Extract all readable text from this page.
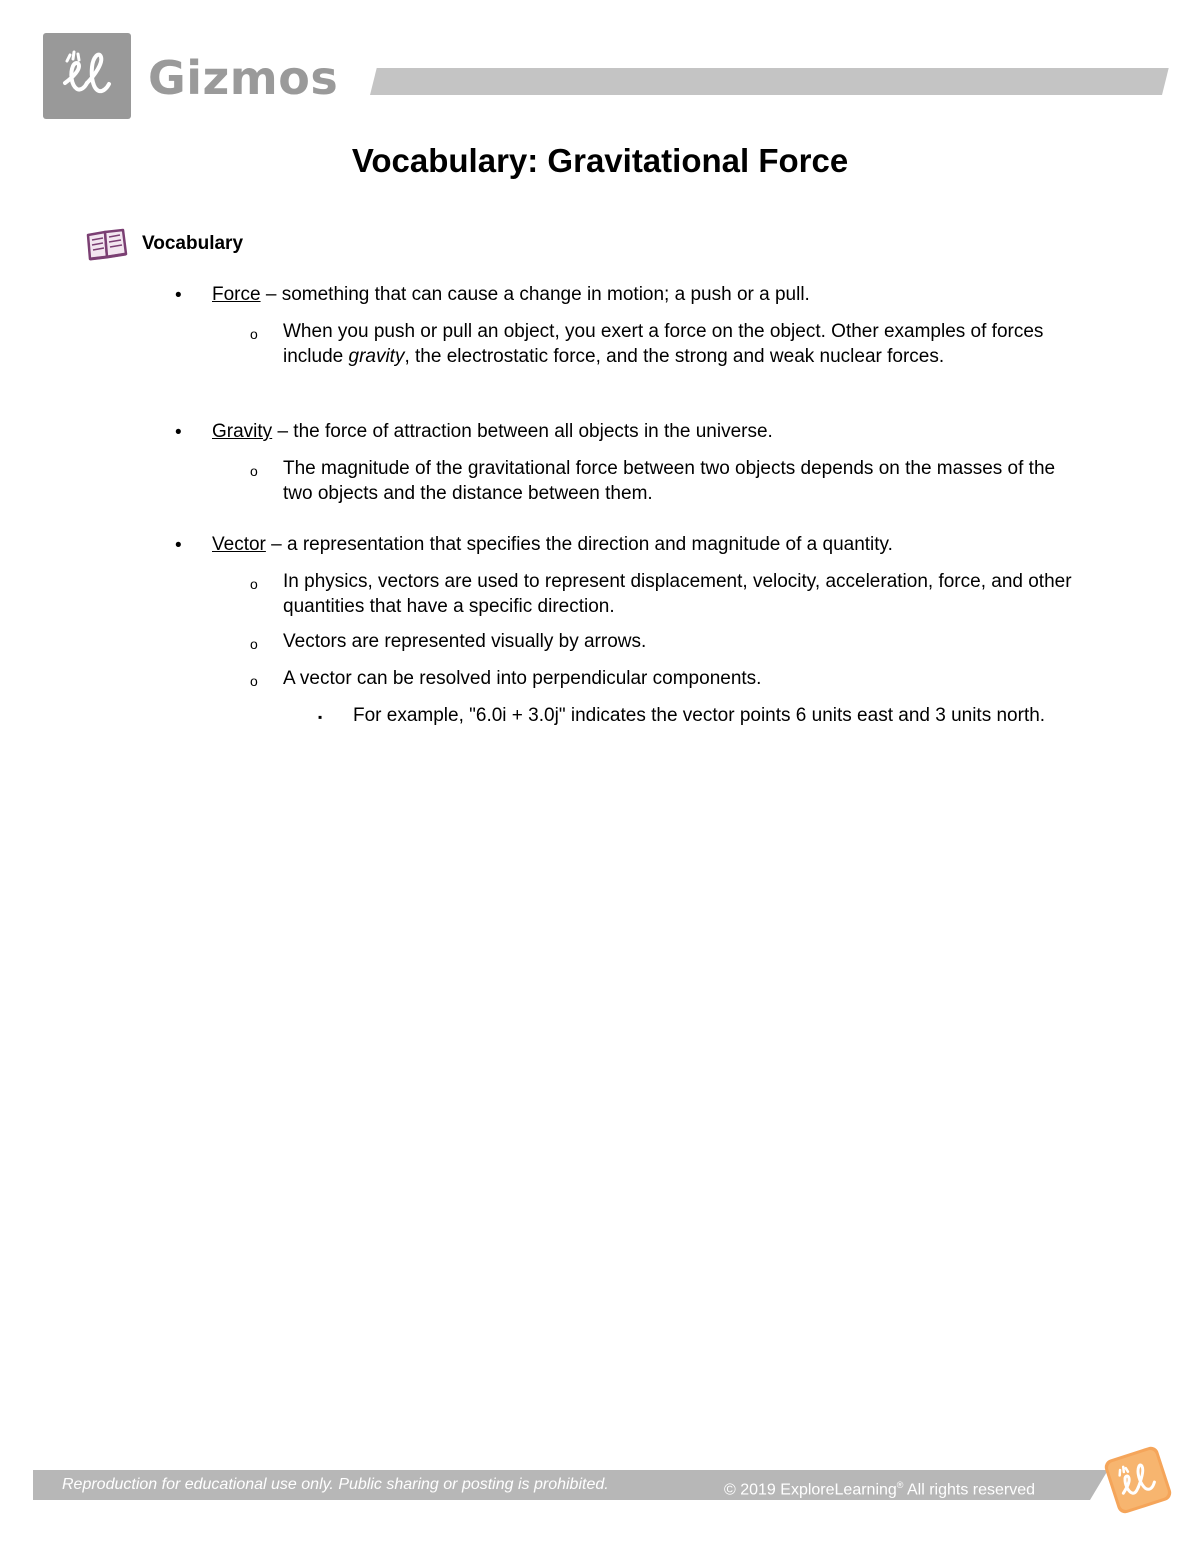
Gizmos
Vocabulary: Gravitational Force
Vocabulary
• Force – something that can cause a change in motion; a push or a pull.
o When you push or pull an object, you exert a force on the object. Other examples of forces include gravity, the electrostatic force, and the strong and weak nuclear forces.
• Gravity – the force of attraction between all objects in the universe.
o The magnitude of the gravitational force between two objects depends on the masses of the two objects and the distance between them.
• Vector – a representation that specifies the direction and magnitude of a quantity.
o In physics, vectors are used to represent displacement, velocity, acceleration, force, and other quantities that have a specific direction.
o Vectors are represented visually by arrows.
o A vector can be resolved into perpendicular components.
▪ For example, "6.0i + 3.0j" indicates the vector points 6 units east and 3 units north.
Reproduction for educational use only. Public sharing or posting is prohibited.	© 2019 ExploreLearning® All rights reserved
